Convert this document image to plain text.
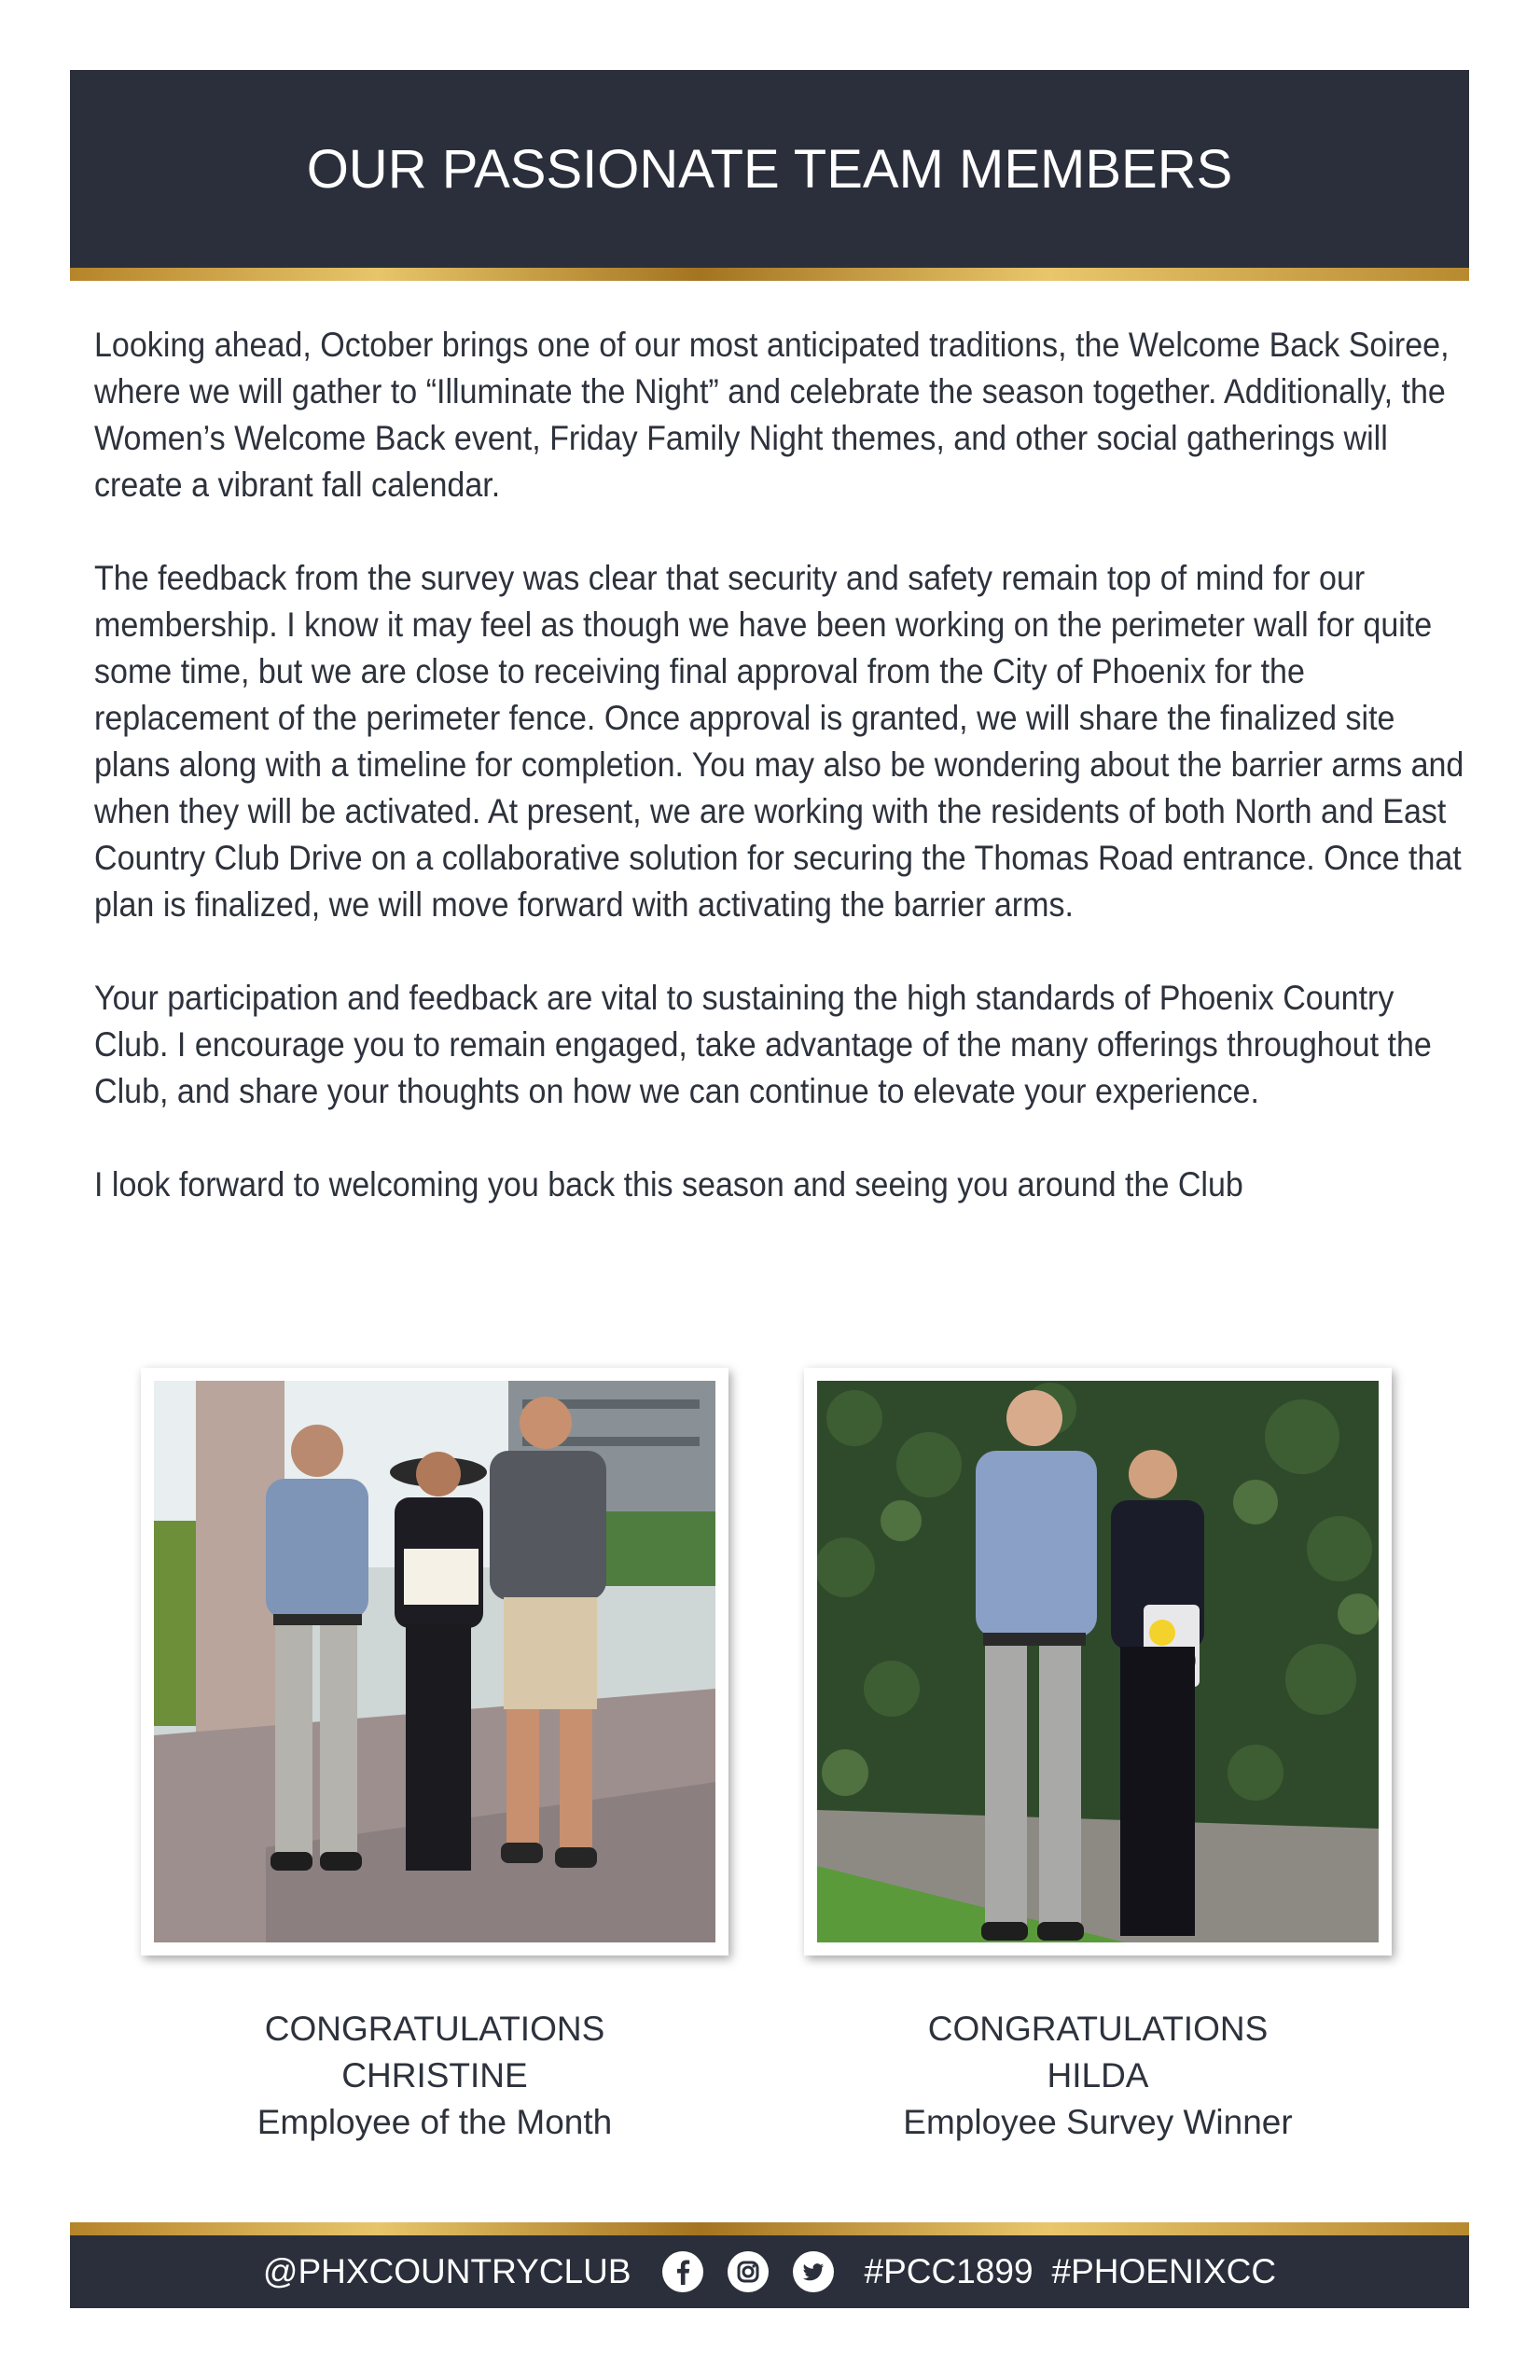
OUR PASSIONATE TEAM MEMBERS

Looking ahead, October brings one of our most anticipated traditions, the Welcome Back Soiree, where we will gather to “Illuminate the Night” and celebrate the season together. Additionally, the Women’s Welcome Back event, Friday Family Night themes, and other social gatherings will create a vibrant fall calendar.

The feedback from the survey was clear that security and safety remain top of mind for our membership. I know it may feel as though we have been working on the perimeter wall for quite some time, but we are close to receiving final approval from the City of Phoenix for the replacement of the perimeter fence. Once approval is granted, we will share the finalized site plans along with a timeline for completion. You may also be wondering about the barrier arms and when they will be activated. At present, we are working with the residents of both North and East Country Club Drive on a collaborative solution for securing the Thomas Road entrance. Once that plan is finalized, we will move forward with activating the barrier arms.

Your participation and feedback are vital to sustaining the high standards of Phoenix Country Club. I encourage you to remain engaged, take advantage of the many offerings throughout the Club, and share your thoughts on how we can continue to elevate your experience.

I look forward to welcoming you back this season and seeing you around the Club

CONGRATULATIONS
CHRISTINE
Employee of the Month
CONGRATULATIONS
HILDA
Employee Survey Winner
@PHXCOUNTRYCLUB	#PCC1899 #PHOENIXCC
